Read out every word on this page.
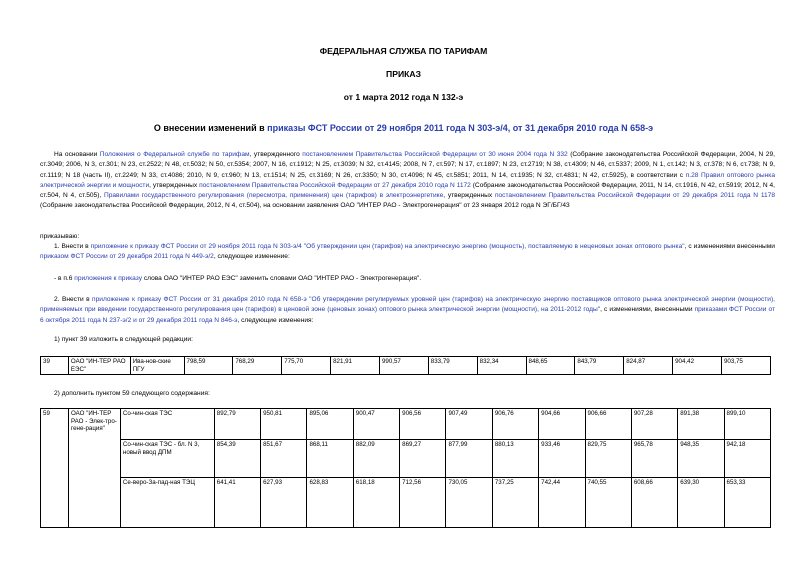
ФЕДЕРАЛЬНАЯ СЛУЖБА ПО ТАРИФАМ
ПРИКАЗ
от 1 марта 2012 года N 132-э
О внесении изменений в приказы ФСТ России от 29 ноября 2011 года N 303-э/4, от 31 декабря 2010 года N 658-э
На основании Положения о Федеральной службе по тарифам, утвержденного постановлением Правительства Российской Федерации от 30 июня 2004 года N 332 (Собрание законодательства Российской Федерации, 2004, N 29, ст.3049; 2006, N 3, ст.301; N 23, ст.2522; N 48, ст.5032; N 50, ст.5354; 2007, N 16, ст.1912; N 25, ст.3039; N 32, ст.4145; 2008, N 7, ст.597; N 17, ст.1897; N 23, ст.2719; N 38, ст.4309; N 46, ст.5337; 2009, N 1, ст.142; N 3, ст.378; N 6, ст.738; N 9, ст.1119; N 18 (часть II), ст.2249; N 33, ст.4086; 2010, N 9, ст.960; N 13, ст.1514; N 25, ст.3169; N 26, ст.3350; N 30, ст.4096; N 45, ст.5851; 2011, N 14, ст.1935; N 32, ст.4831; N 42, ст.5925), в соответствии с п.28 Правил оптового рынка электрической энергии и мощности, утвержденных постановлением Правительства Российской Федерации от 27 декабря 2010 года N 1172 (Собрание законодательства Российской Федерации, 2011, N 14, ст.1916, N 42, ст.5919; 2012, N 4, ст.504, N 4, ст.505), Правилами государственного регулирования (пересмотра, применения) цен (тарифов) в электроэнергетике, утвержденных постановлением Правительства Российской Федерации от 29 декабря 2011 года N 1178 (Собрание законодательства Российской Федерации, 2012, N 4, ст.504), на основании заявления ОАО "ИНТЕР РАО - Электрогенерация" от 23 января 2012 года N ЭГ/БГ/43
приказываю:
1. Внести в приложение к приказу ФСТ России от 29 ноября 2011 года N 303-э/4 "Об утверждении цен (тарифов) на электрическую энергию (мощность), поставляемую в неценовых зонах оптового рынка", с изменениями внесенными приказом ФСТ России от 29 декабря 2011 года N 449-э/2, следующее изменение:
- в п.6 приложения к приказу слова ОАО "ИНТЕР РАО ЕЭС" заменить словами ОАО "ИНТЕР РАО - Электрогенерация".
2. Внести в приложение к приказу ФСТ России от 31 декабря 2010 года N 658-э "Об утверждении регулируемых уровней цен (тарифов) на электрическую энергию поставщиков оптового рынка электрической энергии (мощности), применяемых при введении государственного регулирования цен (тарифов) в ценовой зоне (ценовых зонах) оптового рынка электрической энергии (мощности), на 2011-2012 годы", с изменениями, внесенными приказами ФСТ России от 6 октября 2011 года N 237-э/2 и от 29 декабря 2011 года N 846-э, следующие изменения:
1) пункт 39 изложить в следующей редакции:
39	ОАО "ИН-ТЕР РАО ЕЭС"	Ива-нов-ские ПГУ	798,59	768,29	775,70	821,91	990,57	833,79	832,34	848,65	843,79	824,87	904,42	903,75
2) дополнить пунктом 59 следующего содержания:
59	ОАО "ИН-ТЕР РАО - Элек-тро-гене-рация"	Со-чин-ская ТЭС	892,79	950,81	895,06	900,47	906,56	907,49	906,76	904,66	906,66	907,28	891,38	899,10
		Со-чин-ская ТЭС - бл. N 3, новый ввод ДПМ	854,39	851,67	868,11	882,09	869,27	877,99	880,13	933,46	829,75	965,78	948,35	942,18
		Се-веро-За-пад-ная ТЭЦ	641,41	627,93	628,83	618,18	712,56	730,05	737,25	742,44	740,55	608,66	639,30	653,33
